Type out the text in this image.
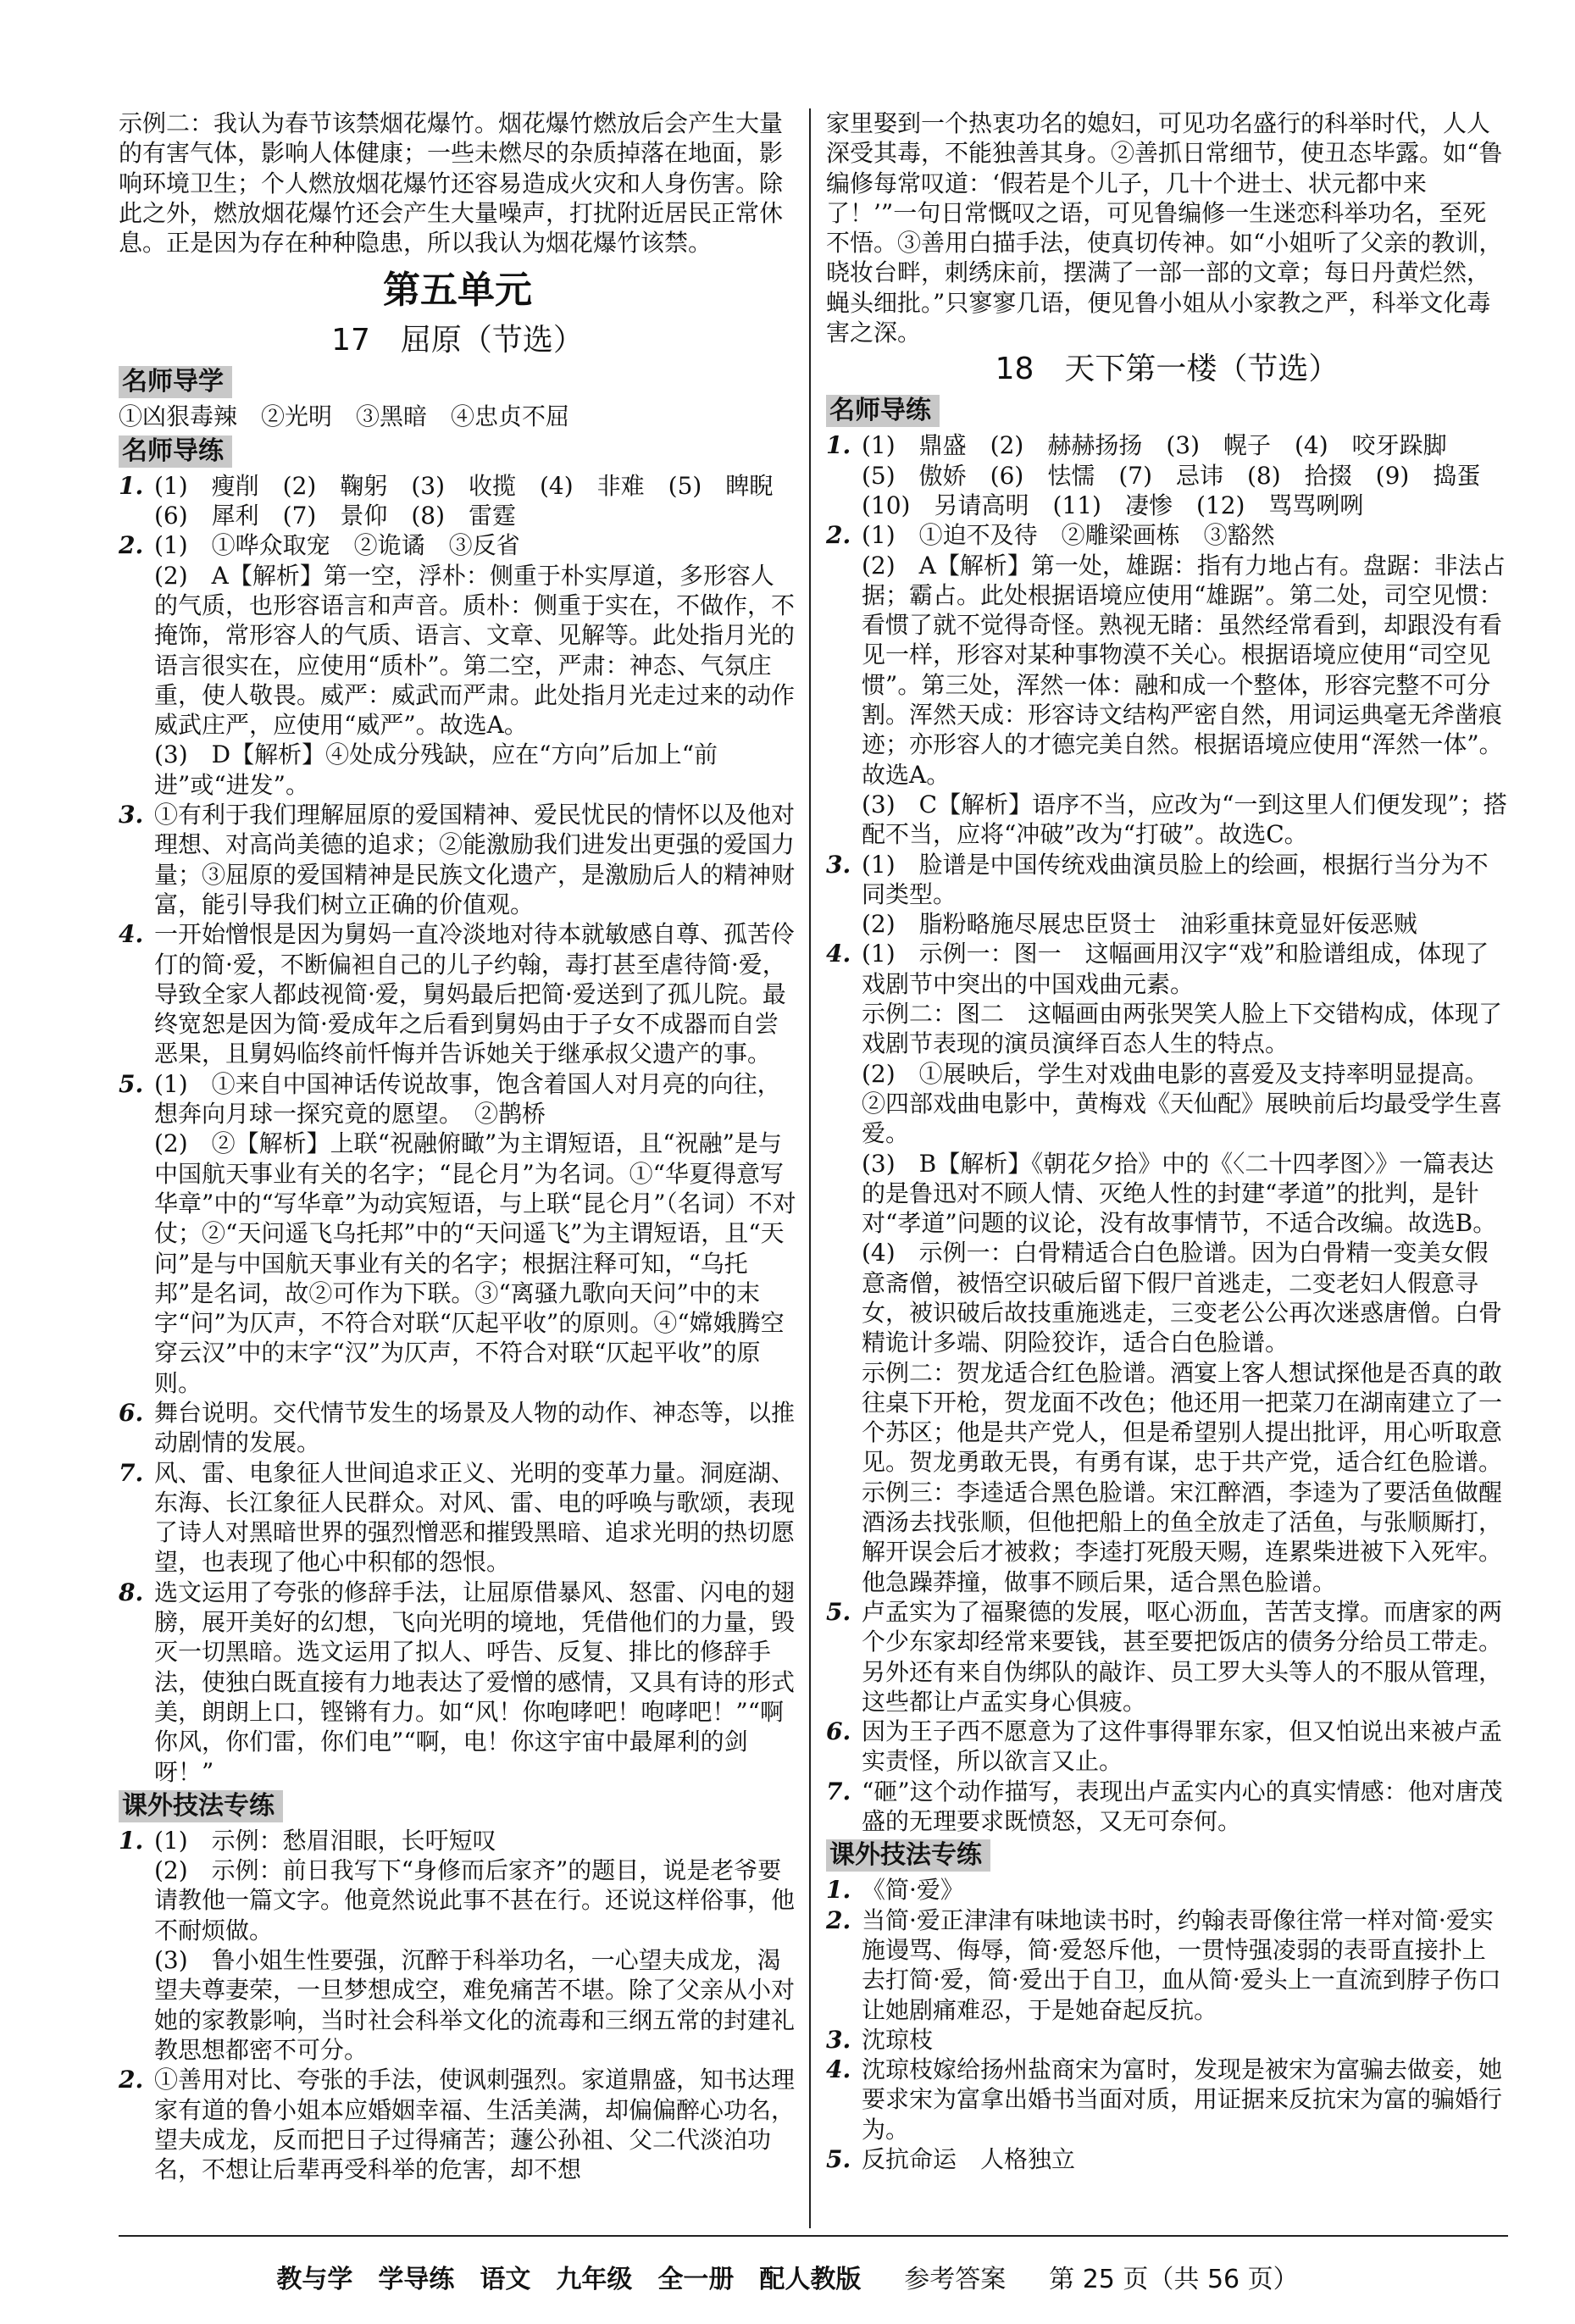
示例二：我认为春节该禁烟花爆竹。烟花爆竹燃放后会产生大量的有害气体，影响人体健康；一些未燃尽的杂质掉落在地面，影响环境卫生；个人燃放烟花爆竹还容易造成火灾和人身伤害。除此之外，燃放烟花爆竹还会产生大量噪声，打扰附近居民正常休息。正是因为存在种种隐患，所以我认为烟花爆竹该禁。

第五单元
17　屈原（节选）
名师导学

①凶狠毒辣　②光明　③黑暗　④忠贞不屈

名师导练

1. (1)　瘦削　(2)　鞠躬　(3)　收揽　(4)　非难　(5)　睥睨

(6)　犀利　(7)　景仰　(8)　雷霆

2. (1)　①哗众取宠　②诡谲　③反省

(2)　A【解析】第一空，浮朴：侧重于朴实厚道，多形容人的气质，也形容语言和声音。质朴：侧重于实在，不做作，不掩饰，常形容人的气质、语言、文章、见解等。此处指月光的语言很实在，应使用“质朴”。第二空，严肃：神态、气氛庄重，使人敬畏。威严：威武而严肃。此处指月光走过来的动作威武庄严，应使用“威严”。故选A。

(3)　D【解析】④处成分残缺，应在“方向”后加上“前进”或“进发”。

3. ①有利于我们理解屈原的爱国精神、爱民忧民的情怀以及他对理想、对高尚美德的追求；②能激励我们进发出更强的爱国力量；③屈原的爱国精神是民族文化遗产，是激励后人的精神财富，能引导我们树立正确的价值观。

4. 一开始憎恨是因为舅妈一直冷淡地对待本就敏感自尊、孤苦伶仃的简·爱，不断偏袒自己的儿子约翰，毒打甚至虐待简·爱，导致全家人都歧视简·爱，舅妈最后把简·爱送到了孤儿院。最终宽恕是因为简·爱成年之后看到舅妈由于子女不成器而自尝恶果，且舅妈临终前忏悔并告诉她关于继承叔父遗产的事。

5. (1)　①来自中国神话传说故事，饱含着国人对月亮的向往，想奔向月球一探究竟的愿望。　②鹊桥

(2)　②【解析】上联“祝融俯瞰”为主谓短语，且“祝融”是与中国航天事业有关的名字；“昆仑月”为名词。①“华夏得意写华章”中的“写华章”为动宾短语，与上联“昆仑月”（名词）不对仗；②“天问遥飞乌托邦”中的“天问遥飞”为主谓短语，且“天问”是与中国航天事业有关的名字；根据注释可知，“乌托邦”是名词，故②可作为下联。③“离骚九歌向天问”中的末字“问”为仄声，不符合对联“仄起平收”的原则。④“嫦娥腾空穿云汉”中的末字“汉”为仄声，不符合对联“仄起平收”的原则。

6. 舞台说明。交代情节发生的场景及人物的动作、神态等，以推动剧情的发展。

7. 风、雷、电象征人世间追求正义、光明的变革力量。洞庭湖、东海、长江象征人民群众。对风、雷、电的呼唤与歌颂，表现了诗人对黑暗世界的强烈憎恶和摧毁黑暗、追求光明的热切愿望，也表现了他心中积郁的怨恨。

8. 选文运用了夸张的修辞手法，让屈原借暴风、怒雷、闪电的翅膀，展开美好的幻想，飞向光明的境地，凭借他们的力量，毁灭一切黑暗。选文运用了拟人、呼告、反复、排比的修辞手法，使独白既直接有力地表达了爱憎的感情，又具有诗的形式美，朗朗上口，铿锵有力。如“风！你咆哮吧！咆哮吧！”“啊你风，你们雷，你们电”“啊，电！你这宇宙中最犀利的剑呀！”

课外技法专练

1. (1)　示例：愁眉泪眼，长吁短叹

(2)　示例：前日我写下“身修而后家齐”的题目，说是老爷要请教他一篇文字。他竟然说此事不甚在行。还说这样俗事，他不耐烦做。

(3)　鲁小姐生性要强，沉醉于科举功名，一心望夫成龙，渴望夫尊妻荣，一旦梦想成空，难免痛苦不堪。除了父亲从小对她的家教影响，当时社会科举文化的流毒和三纲五常的封建礼教思想都密不可分。

2. ①善用对比、夸张的手法，使讽刺强烈。家道鼎盛，知书达理家有道的鲁小姐本应婚姻幸福、生活美满，却偏偏醉心功名，望夫成龙，反而把日子过得痛苦；蘧公孙祖、父二代淡泊功名，不想让后辈再受科举的危害，却不想

家里娶到一个热衷功名的媳妇，可见功名盛行的科举时代，人人深受其毒，不能独善其身。②善抓日常细节，使丑态毕露。如“鲁编修每常叹道：‘假若是个儿子，几十个进士、状元都中来了！’”一句日常慨叹之语，可见鲁编修一生迷恋科举功名，至死不悟。③善用白描手法，使真切传神。如“小姐听了父亲的教训，晓妆台畔，刺绣床前，摆满了一部一部的文章；每日丹黄烂然，蝇头细批。”只寥寥几语，便见鲁小姐从小家教之严，科举文化毒害之深。

18　天下第一楼（节选）
名师导练

1. (1)　鼎盛　(2)　赫赫扬扬　(3)　幌子　(4)　咬牙跺脚

(5)　傲娇　(6)　怯懦　(7)　忌讳　(8)　拾掇　(9)　捣蛋

(10)　另请高明　(11)　凄惨　(12)　骂骂咧咧

2. (1)　①迫不及待　②雕梁画栋　③豁然

(2)　A【解析】第一处，雄踞：指有力地占有。盘踞：非法占据；霸占。此处根据语境应使用“雄踞”。第二处，司空见惯：看惯了就不觉得奇怪。熟视无睹：虽然经常看到，却跟没有看见一样，形容对某种事物漠不关心。根据语境应使用“司空见惯”。第三处，浑然一体：融和成一个整体，形容完整不可分割。浑然天成：形容诗文结构严密自然，用词运典毫无斧凿痕迹；亦形容人的才德完美自然。根据语境应使用“浑然一体”。故选A。

(3)　C【解析】语序不当，应改为“一到这里人们便发现”；搭配不当，应将“冲破”改为“打破”。故选C。

3. (1)　脸谱是中国传统戏曲演员脸上的绘画，根据行当分为不同类型。

(2)　脂粉略施尽展忠臣贤士　油彩重抹竟显奸佞恶贼

4. (1)　示例一：图一　这幅画用汉字“戏”和脸谱组成，体现了戏剧节中突出的中国戏曲元素。

示例二：图二　这幅画由两张哭笑人脸上下交错构成，体现了戏剧节表现的演员演绎百态人生的特点。

(2)　①展映后，学生对戏曲电影的喜爱及支持率明显提高。②四部戏曲电影中，黄梅戏《天仙配》展映前后均最受学生喜爱。

(3)　B【解析】《朝花夕拾》中的《〈二十四孝图〉》一篇表达的是鲁迅对不顾人情、灭绝人性的封建“孝道”的批判，是针对“孝道”问题的议论，没有故事情节，不适合改编。故选B。

(4)　示例一：白骨精适合白色脸谱。因为白骨精一变美女假意斋僧，被悟空识破后留下假尸首逃走，二变老妇人假意寻女，被识破后故技重施逃走，三变老公公再次迷惑唐僧。白骨精诡计多端、阴险狡诈，适合白色脸谱。

示例二：贺龙适合红色脸谱。酒宴上客人想试探他是否真的敢往桌下开枪，贺龙面不改色；他还用一把菜刀在湖南建立了一个苏区；他是共产党人，但是希望别人提出批评，用心听取意见。贺龙勇敢无畏，有勇有谋，忠于共产党，适合红色脸谱。

示例三：李逵适合黑色脸谱。宋江醉酒，李逵为了要活鱼做醒酒汤去找张顺，但他把船上的鱼全放走了活鱼，与张顺厮打，解开误会后才被救；李逵打死殷天赐，连累柴进被下入死牢。他急躁莽撞，做事不顾后果，适合黑色脸谱。

5. 卢孟实为了福聚德的发展，呕心沥血，苦苦支撑。而唐家的两个少东家却经常来要钱，甚至要把饭店的债务分给员工带走。另外还有来自伪绑队的敲诈、员工罗大头等人的不服从管理，这些都让卢孟实身心俱疲。

6. 因为王子西不愿意为了这件事得罪东家，但又怕说出来被卢孟实责怪，所以欲言又止。

7. “砸”这个动作描写，表现出卢孟实内心的真实情感：他对唐茂盛的无理要求既愤怒，又无可奈何。

课外技法专练

1. 《简·爱》

2. 当简·爱正津津有味地读书时，约翰表哥像往常一样对简·爱实施谩骂、侮辱，简·爱怒斥他，一贯恃强凌弱的表哥直接扑上去打简·爱，简·爱出于自卫，血从简·爱头上一直流到脖子伤口让她剧痛难忍，于是她奋起反抗。

3. 沈琼枝

4. 沈琼枝嫁给扬州盐商宋为富时，发现是被宋为富骗去做妾，她要求宋为富拿出婚书当面对质，用证据来反抗宋为富的骗婚行为。

5. 反抗命运　人格独立

教与学　学导练　语文　九年级　全一册　配人教版 　 参考答案 　 第 25 页（共 56 页）
